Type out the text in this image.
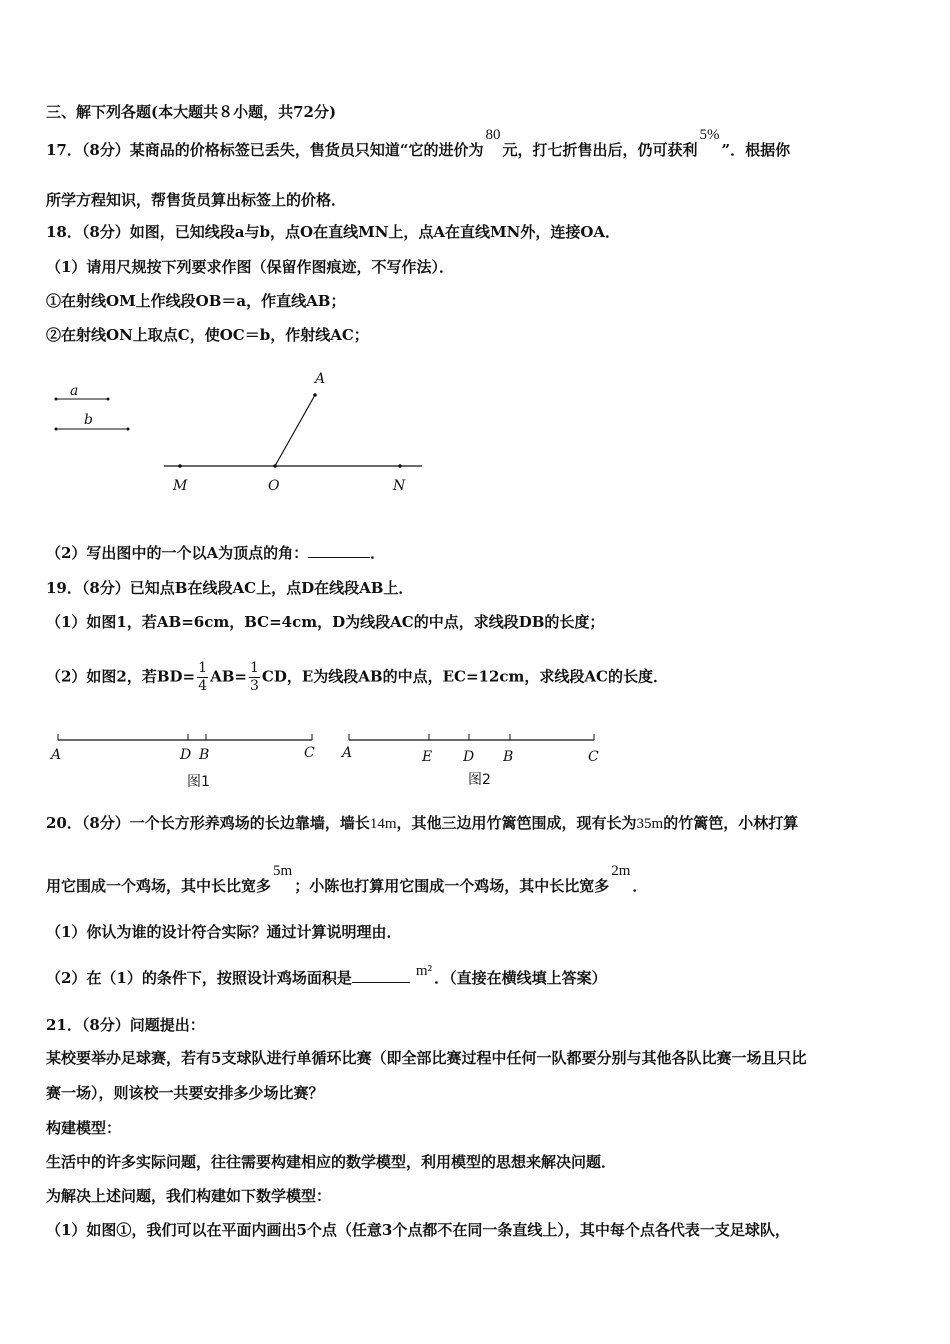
三、解下列各题(本大题共８小题，共72分)
17．（8分）某商品的价格标签已丢失，售货员只知道“它的进价为80元，打七折售出后，仍可获利5%”．根据你
所学方程知识，帮售货员算出标签上的价格．
18．（8分）如图，已知线段a与b，点O在直线MN上，点A在直线MN外，连接OA．
（1）请用尺规按下列要求作图（保留作图痕迹，不写作法）．
①在射线OM上作线段OB＝a，作直线AB；
②在射线ON上取点C，使OC＝b，作射线AC；
a
b
A
M	O	N
（2）写出图中的一个以A为顶点的角：	．
19．（8分）已知点B在线段AC上，点D在线段AB上．
（1）如图1，若AB=6cm，BC=4cm，D为线段AC的中点，求线段DB的长度；
（2）如图2，若$BD= \frac{1}{4} AB= \frac{1}{3}$ CD，E为线段AB的中点，EC=12cm，求线段AC的长度．
A	D B	C
图1
A	E D B	C
图2
20．（8分）一个长方形养鸡场的长边靠墙，墙长14m，其他三边用竹篱笆围成，现有长为35m的竹篱笆，小林打算
用它围成一个鸡场，其中长比宽多5m；小陈也打算用它围成一个鸡场，其中长比宽多2m．
（1）你认为谁的设计符合实际？通过计算说明理由．
（2）在（1）的条件下，按照设计鸡场面积是	m² ．（直接在横线填上答案）
21．（8分）问题提出：
某校要举办足球赛，若有5支球队进行单循环比赛（即全部比赛过程中任何一队都要分别与其他各队比赛一场且只比
赛一场），则该校一共要安排多少场比赛？
构建模型：
生活中的许多实际问题，往往需要构建相应的数学模型，利用模型的思想来解决问题．
为解决上述问题，我们构建如下数学模型：
（1）如图①，我们可以在平面内画出5个点（任意3个点都不在同一条直线上），其中每个点各代表一支足球队，
